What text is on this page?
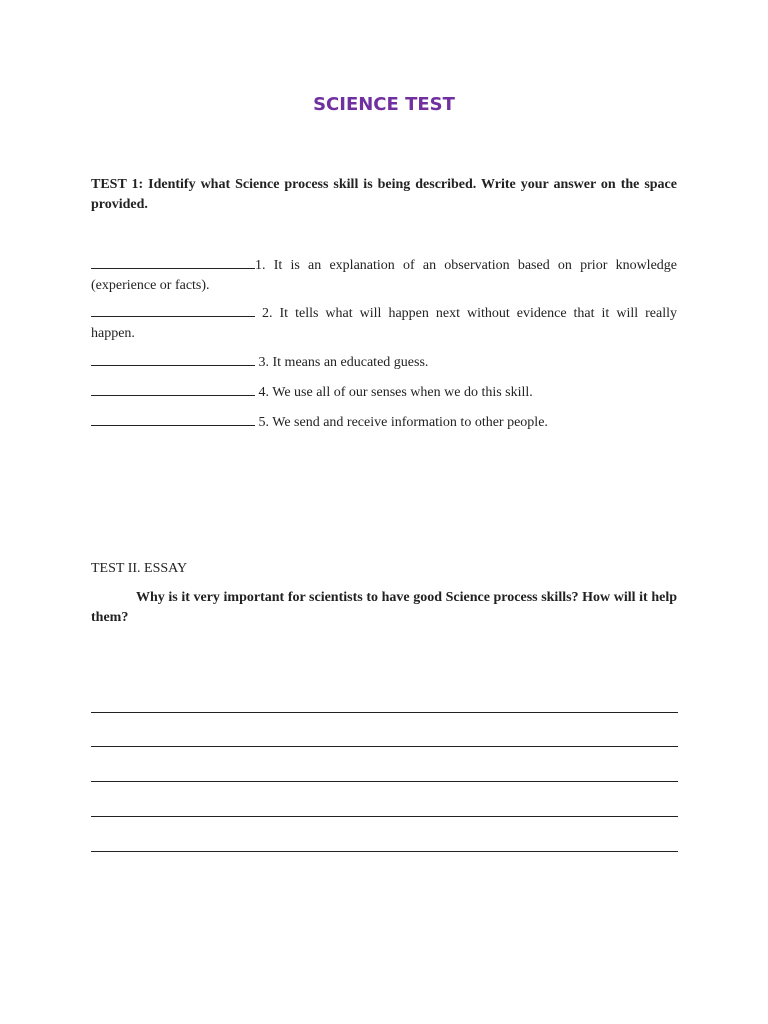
SCIENCE TEST
TEST 1: Identify what Science process skill is being described. Write your answer on the space provided.
1. It is an explanation of an observation based on prior knowledge (experience or facts).
2. It tells what will happen next without evidence that it will really happen.
3. It means an educated guess.
4. We use all of our senses when we do this skill.
5. We send and receive information to other people.
TEST II. ESSAY
Why is it very important for scientists to have good Science process skills? How will it help them?
